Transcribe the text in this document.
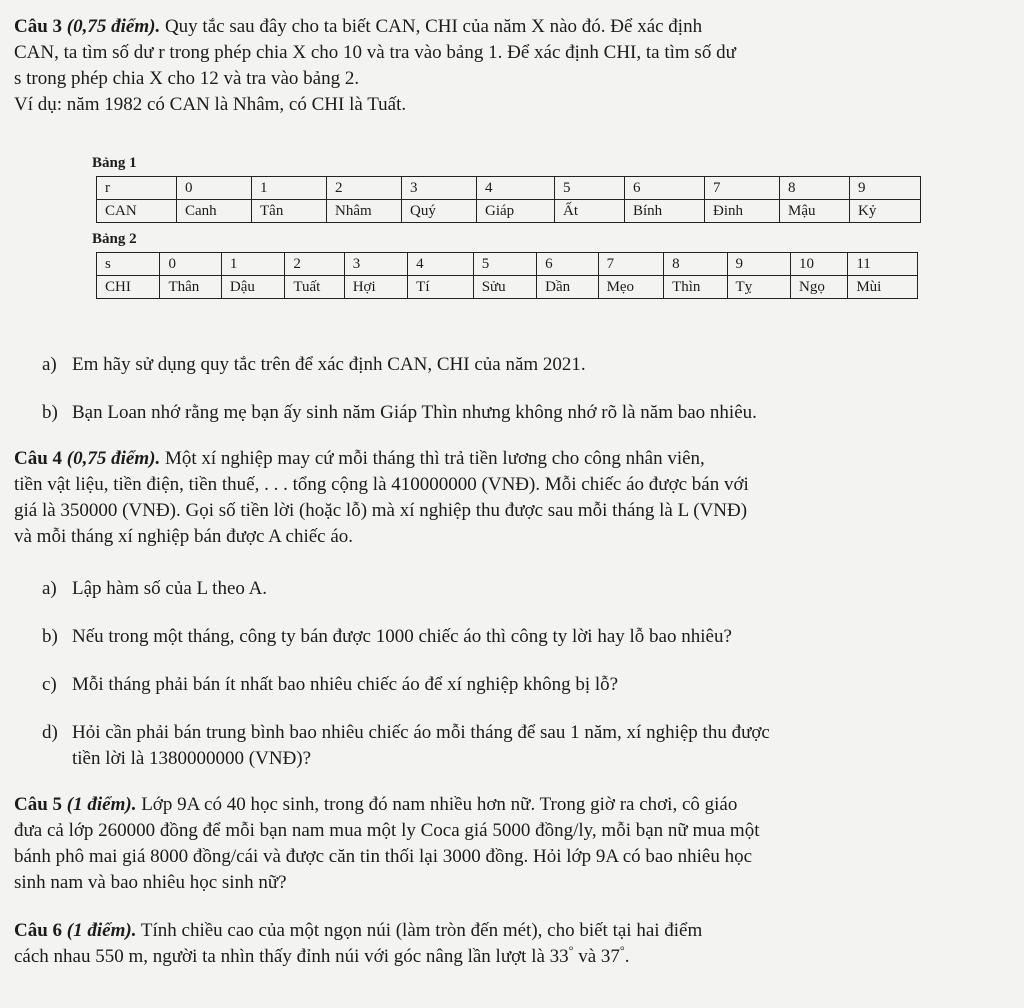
Câu 3 (0,75 điểm). Quy tắc sau đây cho ta biết CAN, CHI của năm X nào đó. Để xác định

CAN, ta tìm số dư r trong phép chia X cho 10 và tra vào bảng 1. Để xác định CHI, ta tìm số dư

s trong phép chia X cho 12 và tra vào bảng 2.

Ví dụ: năm 1982 có CAN là Nhâm, có CHI là Tuất.

Bảng 1
r	0	1	2	3	4	5	6	7	8	9
CAN	Canh	Tân	Nhâm	Quý	Giáp	Ất	Bính	Đinh	Mậu	Kỷ
Bảng 2
s	0	1	2	3	4	5	6	7	8	9	10	11
CHI	Thân	Dậu	Tuất	Hợi	Tí	Sửu	Dần	Mẹo	Thìn	Tỵ	Ngọ	Mùi

a) Em hãy sử dụng quy tắc trên để xác định CAN, CHI của năm 2021.

b) Bạn Loan nhớ rằng mẹ bạn ấy sinh năm Giáp Thìn nhưng không nhớ rõ là năm bao nhiêu.

Câu 4 (0,75 điểm). Một xí nghiệp may cứ mỗi tháng thì trả tiền lương cho công nhân viên,

tiền vật liệu, tiền điện, tiền thuế, . . . tổng cộng là 410000000 (VNĐ). Mỗi chiếc áo được bán với

giá là 350000 (VNĐ). Gọi số tiền lời (hoặc lỗ) mà xí nghiệp thu được sau mỗi tháng là L (VNĐ)

và mỗi tháng xí nghiệp bán được A chiếc áo.

a) Lập hàm số của L theo A.

b) Nếu trong một tháng, công ty bán được 1000 chiếc áo thì công ty lời hay lỗ bao nhiêu?

c) Mỗi tháng phải bán ít nhất bao nhiêu chiếc áo để xí nghiệp không bị lỗ?

d) Hỏi cần phải bán trung bình bao nhiêu chiếc áo mỗi tháng để sau 1 năm, xí nghiệp thu được
tiền lời là 1380000000 (VNĐ)?

Câu 5 (1 điểm). Lớp 9A có 40 học sinh, trong đó nam nhiều hơn nữ. Trong giờ ra chơi, cô giáo

đưa cả lớp 260000 đồng để mỗi bạn nam mua một ly Coca giá 5000 đồng/ly, mỗi bạn nữ mua một

bánh phô mai giá 8000 đồng/cái và được căn tin thối lại 3000 đồng. Hỏi lớp 9A có bao nhiêu học

sinh nam và bao nhiêu học sinh nữ?

Câu 6 (1 điểm). Tính chiều cao của một ngọn núi (làm tròn đến mét), cho biết tại hai điểm

cách nhau 550 m, người ta nhìn thấy đỉnh núi với góc nâng lần lượt là 33° và 37°.
